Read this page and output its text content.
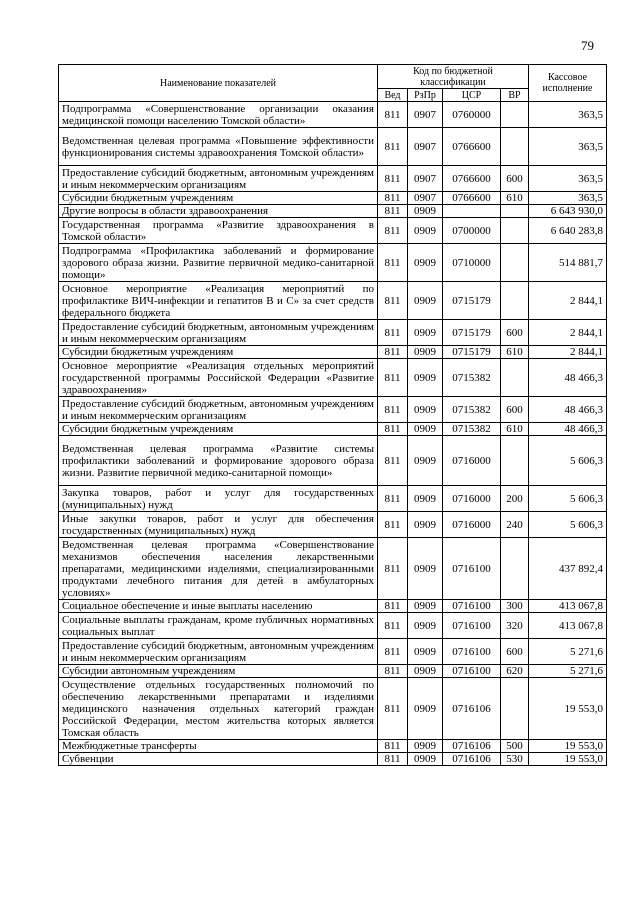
79
Наименование показателей	Код по бюджетной классификации				Кассовое исполнение
	Вед	РзПр	ЦСР	ВР	
Подпрограмма «Совершенствование организации оказания медицинской помощи населению Томской области»	811	0907	0760000		363,5
Ведомственная целевая программа «Повышение эффективности функционирования системы здравоохранения Томской области»	811	0907	0766600		363,5
Предоставление субсидий бюджетным, автономным учреждениям и иным некоммерческим организациям	811	0907	0766600	600	363,5
Субсидии бюджетным учреждениям	811	0907	0766600	610	363,5
Другие вопросы в области здравоохранения	811	0909			6 643 930,0
Государственная программа «Развитие здравоохранения в Томской области»	811	0909	0700000		6 640 283,8
Подпрограмма «Профилактика заболеваний и формирование здорового образа жизни. Развитие первичной медико-санитарной помощи»	811	0909	0710000		514 881,7
Основное мероприятие «Реализация мероприятий по профилактике ВИЧ-инфекции и гепатитов В и С» за счет средств федерального бюджета	811	0909	0715179		2 844,1
Предоставление субсидий бюджетным, автономным учреждениям и иным некоммерческим организациям	811	0909	0715179	600	2 844,1
Субсидии бюджетным учреждениям	811	0909	0715179	610	2 844,1
Основное мероприятие «Реализация отдельных мероприятий государственной программы Российской Федерации «Развитие здравоохранения»	811	0909	0715382		48 466,3
Предоставление субсидий бюджетным, автономным учреждениям и иным некоммерческим организациям	811	0909	0715382	600	48 466,3
Субсидии бюджетным учреждениям	811	0909	0715382	610	48 466,3
Ведомственная целевая программа «Развитие системы профилактики заболеваний и формирование здорового образа жизни. Развитие первичной медико-санитарной помощи»	811	0909	0716000		5 606,3
Закупка товаров, работ и услуг для государственных (муниципальных) нужд	811	0909	0716000	200	5 606,3
Иные закупки товаров, работ и услуг для обеспечения государственных (муниципальных) нужд	811	0909	0716000	240	5 606,3
Ведомственная целевая программа «Совершенствование механизмов обеспечения населения лекарственными препаратами, медицинскими изделиями, специализированными продуктами лечебного питания для детей в амбулаторных условиях»	811	0909	0716100		437 892,4
Социальное обеспечение и иные выплаты населению	811	0909	0716100	300	413 067,8
Социальные выплаты гражданам, кроме публичных нормативных социальных выплат	811	0909	0716100	320	413 067,8
Предоставление субсидий бюджетным, автономным учреждениям и иным некоммерческим организациям	811	0909	0716100	600	5 271,6
Субсидии автономным учреждениям	811	0909	0716100	620	5 271,6
Осуществление отдельных государственных полномочий по обеспечению лекарственными препаратами и изделиями медицинского назначения отдельных категорий граждан Российской Федерации, местом жительства которых является Томская область	811	0909	0716106		19 553,0
Межбюджетные трансферты	811	0909	0716106	500	19 553,0
Субвенции	811	0909	0716106	530	19 553,0
